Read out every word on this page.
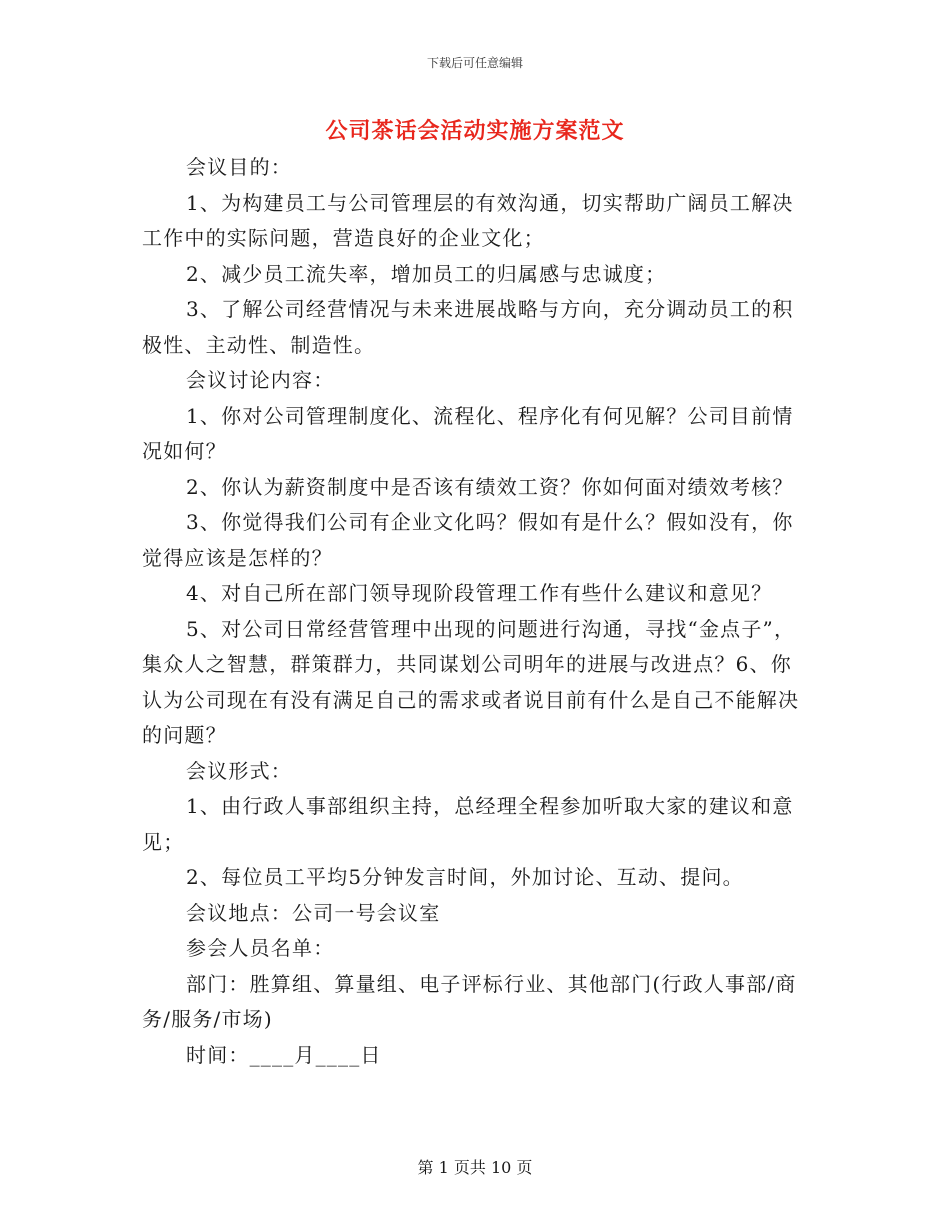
下载后可任意编辑
公司茶话会活动实施方案范文

会议目的：

1、为构建员工与公司管理层的有效沟通，切实帮助广阔员工解决工作中的实际问题，营造良好的企业文化；

2、减少员工流失率，增加员工的归属感与忠诚度；

3、了解公司经营情况与未来进展战略与方向，充分调动员工的积极性、主动性、制造性。

会议讨论内容：

1、你对公司管理制度化、流程化、程序化有何见解？公司目前情况如何？

2、你认为薪资制度中是否该有绩效工资？你如何面对绩效考核？

3、你觉得我们公司有企业文化吗？假如有是什么？假如没有，你觉得应该是怎样的？

4、对自己所在部门领导现阶段管理工作有些什么建议和意见？

5、对公司日常经营管理中出现的问题进行沟通，寻找“金点子”，集众人之智慧，群策群力，共同谋划公司明年的进展与改进点？6、你认为公司现在有没有满足自己的需求或者说目前有什么是自己不能解决的问题？

会议形式：

1、由行政人事部组织主持，总经理全程参加听取大家的建议和意见；

2、每位员工平均5分钟发言时间，外加讨论、互动、提问。

会议地点：公司一号会议室

参会人员名单：

部门：胜算组、算量组、电子评标行业、其他部门(行政人事部/商务/服务/市场)

时间：____月____日

第 1 页共 10 页
